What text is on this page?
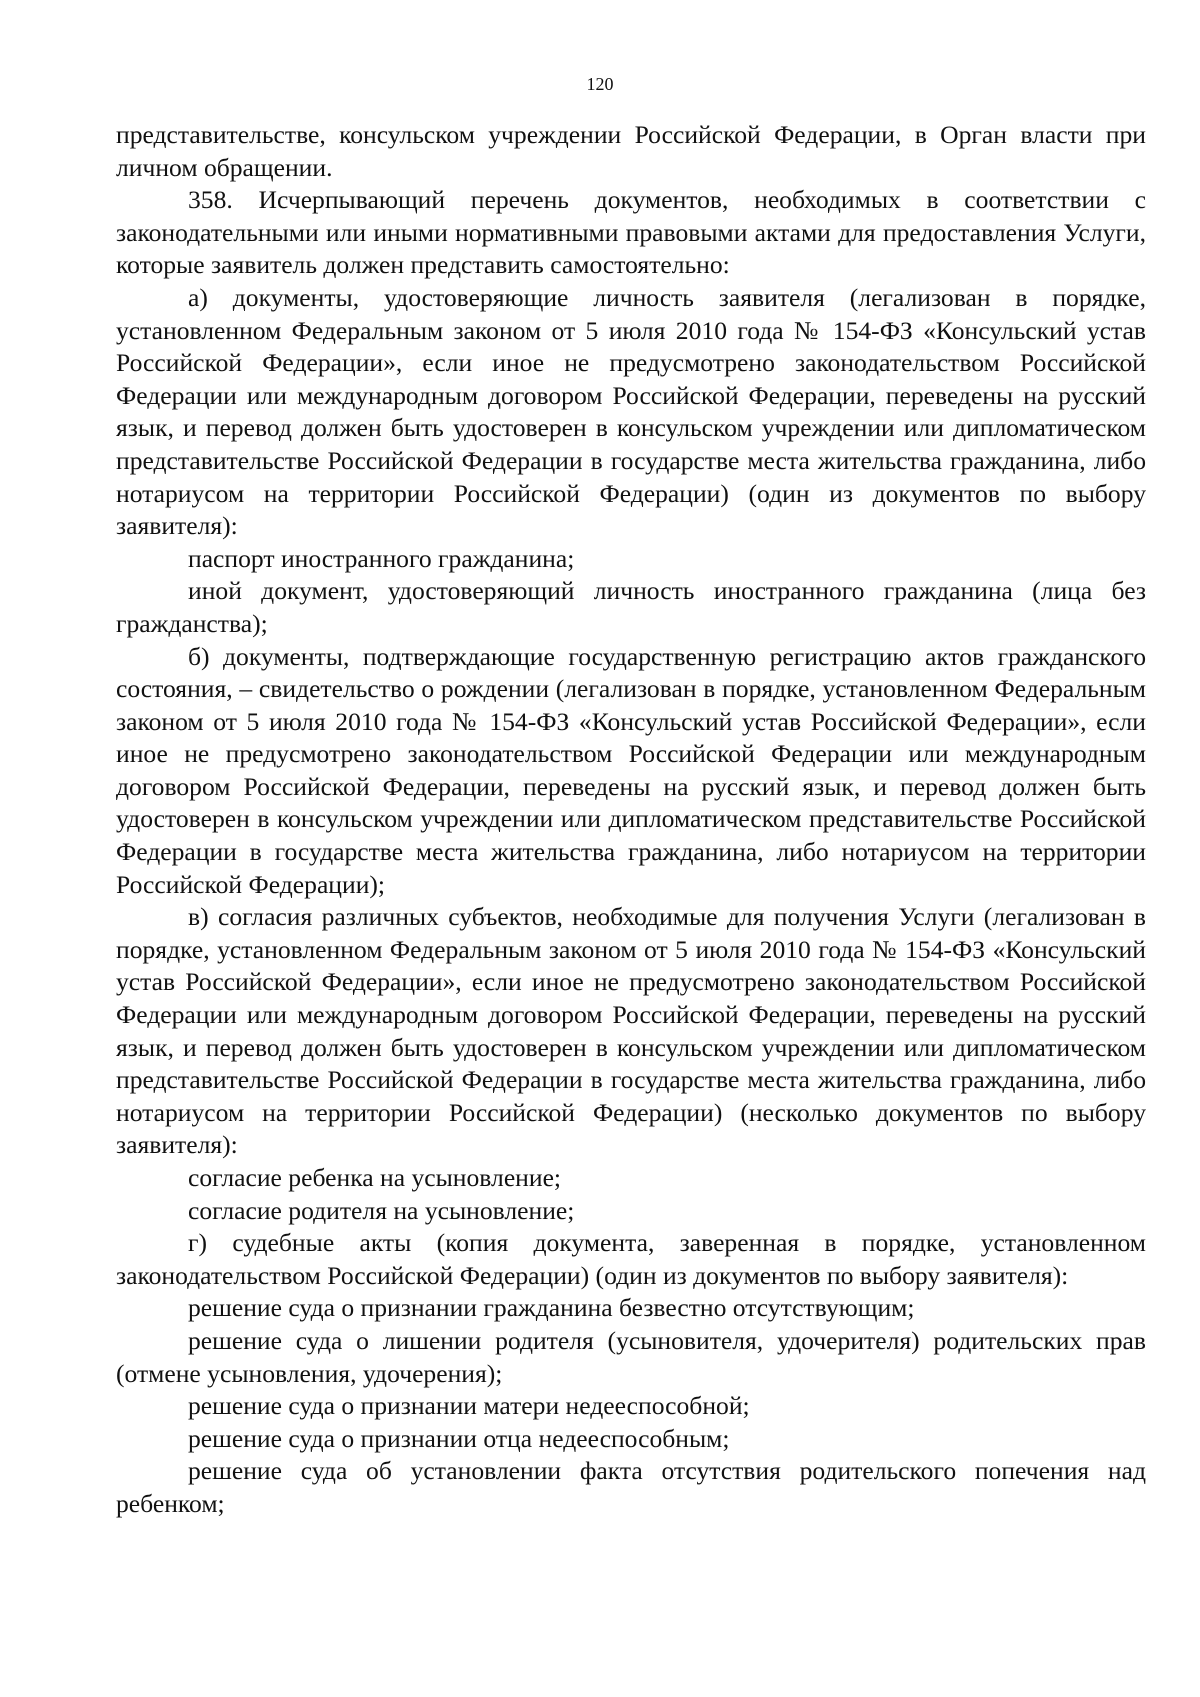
120

представительстве, консульском учреждении Российской Федерации, в Орган власти при личном обращении.

358. Исчерпывающий перечень документов, необходимых в соответствии с законодательными или иными нормативными правовыми актами для предоставления Услуги, которые заявитель должен представить самостоятельно:

а) документы, удостоверяющие личность заявителя (легализован в порядке, установленном Федеральным законом от 5 июля 2010 года № 154-ФЗ «Консульский устав Российской Федерации», если иное не предусмотрено законодательством Российской Федерации или международным договором Российской Федерации, переведены на русский язык, и перевод должен быть удостоверен в консульском учреждении или дипломатическом представительстве Российской Федерации в государстве места жительства гражданина, либо нотариусом на территории Российской Федерации) (один из документов по выбору заявителя):

паспорт иностранного гражданина;

иной документ, удостоверяющий личность иностранного гражданина (лица без гражданства);

б) документы, подтверждающие государственную регистрацию актов гражданского состояния, – свидетельство о рождении (легализован в порядке, установленном Федеральным законом от 5 июля 2010 года № 154-ФЗ «Консульский устав Российской Федерации», если иное не предусмотрено законодательством Российской Федерации или международным договором Российской Федерации, переведены на русский язык, и перевод должен быть удостоверен в консульском учреждении или дипломатическом представительстве Российской Федерации в государстве места жительства гражданина, либо нотариусом на территории Российской Федерации);

в) согласия различных субъектов, необходимые для получения Услуги (легализован в порядке, установленном Федеральным законом от 5 июля 2010 года № 154-ФЗ «Консульский устав Российской Федерации», если иное не предусмотрено законодательством Российской Федерации или международным договором Российской Федерации, переведены на русский язык, и перевод должен быть удостоверен в консульском учреждении или дипломатическом представительстве Российской Федерации в государстве места жительства гражданина, либо нотариусом на территории Российской Федерации) (несколько документов по выбору заявителя):

согласие ребенка на усыновление;

согласие родителя на усыновление;

г) судебные акты (копия документа, заверенная в порядке, установленном законодательством Российской Федерации) (один из документов по выбору заявителя):

решение суда о признании гражданина безвестно отсутствующим;

решение суда о лишении родителя (усыновителя, удочерителя) родительских прав (отмене усыновления, удочерения);

решение суда о признании матери недееспособной;

решение суда о признании отца недееспособным;

решение суда об установлении факта отсутствия родительского попечения над ребенком;
